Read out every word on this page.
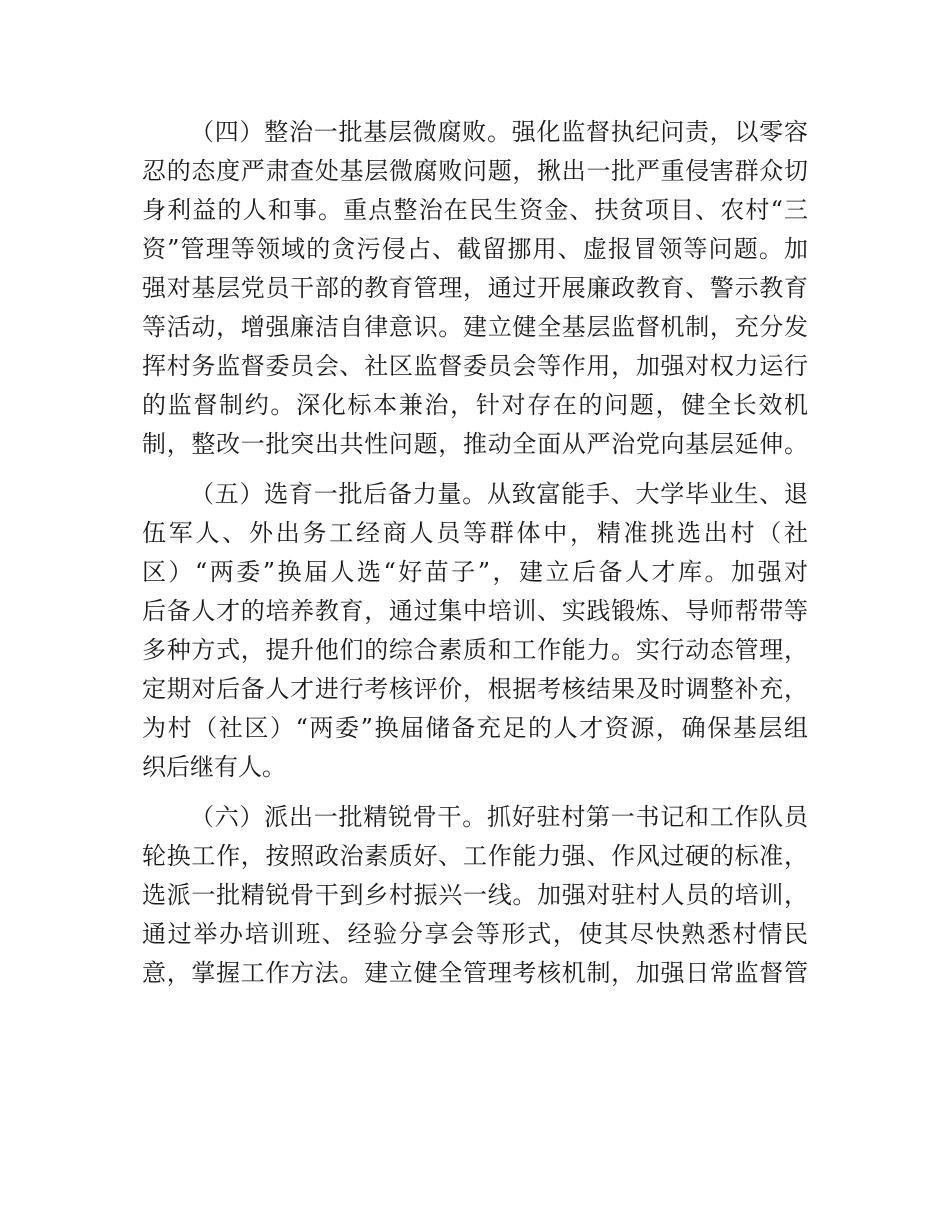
（四）整治一批基层微腐败。强化监督执纪问责，以零容
忍的态度严肃查处基层微腐败问题，揪出一批严重侵害群众切
身利益的人和事。重点整治在民生资金、扶贫项目、农村“三
资”管理等领域的贪污侵占、截留挪用、虚报冒领等问题。加
强对基层党员干部的教育管理，通过开展廉政教育、警示教育
等活动，增强廉洁自律意识。建立健全基层监督机制，充分发
挥村务监督委员会、社区监督委员会等作用，加强对权力运行
的监督制约。深化标本兼治，针对存在的问题，健全长效机
制，整改一批突出共性问题，推动全面从严治党向基层延伸。
（五）选育一批后备力量。从致富能手、大学毕业生、退
伍军人、外出务工经商人员等群体中，精准挑选出村（社
区）“两委”换届人选“好苗子”，建立后备人才库。加强对
后备人才的培养教育，通过集中培训、实践锻炼、导师帮带等
多种方式，提升他们的综合素质和工作能力。实行动态管理，
定期对后备人才进行考核评价，根据考核结果及时调整补充，
为村（社区）“两委”换届储备充足的人才资源，确保基层组
织后继有人。
（六）派出一批精锐骨干。抓好驻村第一书记和工作队员
轮换工作，按照政治素质好、工作能力强、作风过硬的标准，
选派一批精锐骨干到乡村振兴一线。加强对驻村人员的培训，
通过举办培训班、经验分享会等形式，使其尽快熟悉村情民
意，掌握工作方法。建立健全管理考核机制，加强日常监督管
